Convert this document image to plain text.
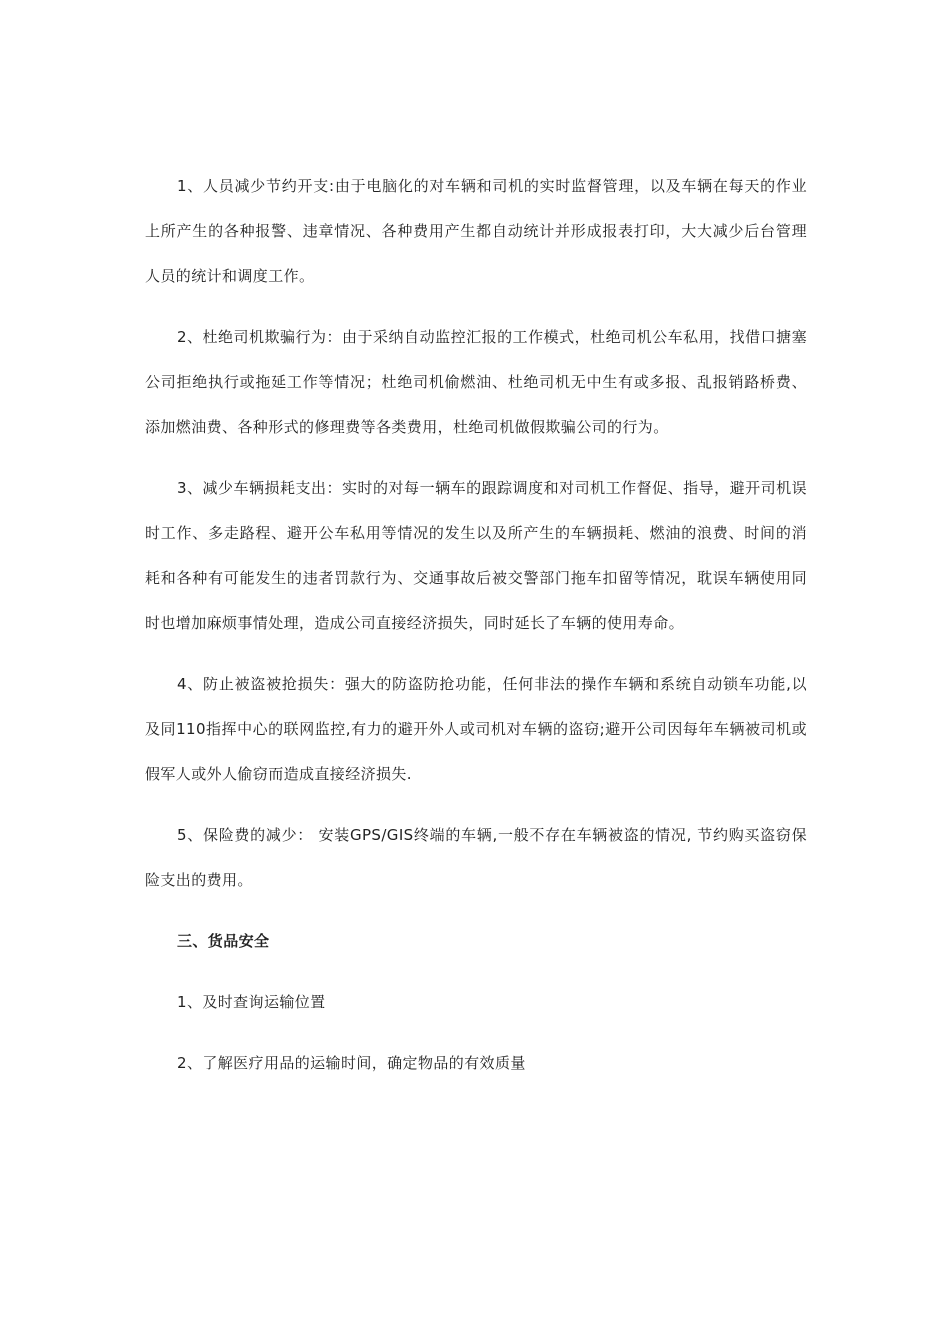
1、人员减少节约开支:由于电脑化的对车辆和司机的实时监督管理，以及车辆在每天的作业上所产生的各种报警、违章情况、各种费用产生都自动统计并形成报表打印，大大减少后台管理人员的统计和调度工作。

2、杜绝司机欺骗行为：由于采纳自动监控汇报的工作模式，杜绝司机公车私用，找借口搪塞公司拒绝执行或拖延工作等情况；杜绝司机偷燃油、杜绝司机无中生有或多报、乱报销路桥费、添加燃油费、各种形式的修理费等各类费用，杜绝司机做假欺骗公司的行为。

3、减少车辆损耗支出：实时的对每一辆车的跟踪调度和对司机工作督促、指导，避开司机误时工作、多走路程、避开公车私用等情况的发生以及所产生的车辆损耗、燃油的浪费、时间的消耗和各种有可能发生的违者罚款行为、交通事故后被交警部门拖车扣留等情况，耽误车辆使用同时也增加麻烦事情处理，造成公司直接经济损失，同时延长了车辆的使用寿命。

4、防止被盗被抢损失：强大的防盗防抢功能，任何非法的操作车辆和系统自动锁车功能,以及同110指挥中心的联网监控,有力的避开外人或司机对车辆的盗窃;避开公司因每年车辆被司机或假军人或外人偷窃而造成直接经济损失.

5、保险费的减少： 安装GPS/GIS终端的车辆,一般不存在车辆被盗的情况, 节约购买盗窃保险支出的费用。

三、货品安全

1、及时查询运输位置

2、了解医疗用品的运输时间，确定物品的有效质量
